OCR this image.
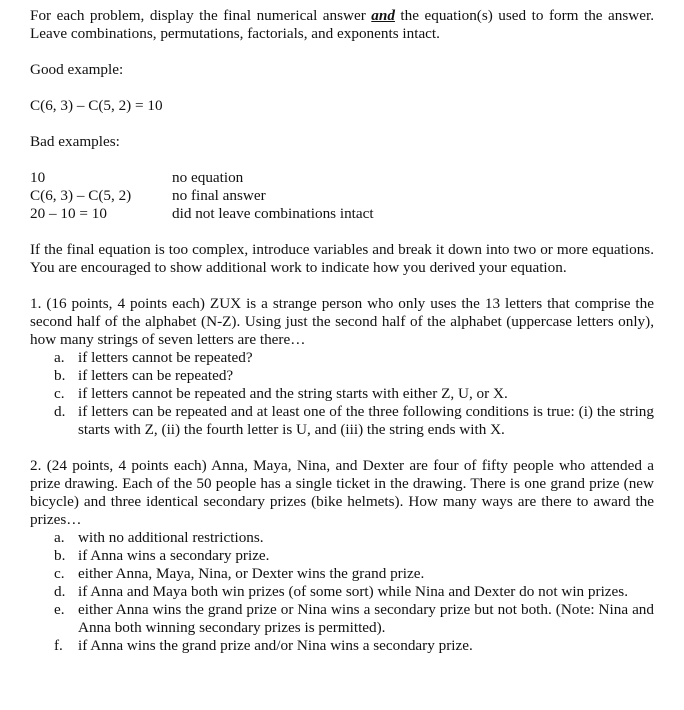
For each problem, display the final numerical answer and the equation(s) used to form the answer. Leave combinations, permutations, factorials, and exponents intact.

Good example:

C(6, 3) – C(5, 2) = 10

Bad examples:

10

C(6, 3) – C(5, 2)

20 – 10 = 10

no equation

no final answer

did not leave combinations intact

If the final equation is too complex, introduce variables and break it down into two or more equations. You are encouraged to show additional work to indicate how you derived your equation.

1. (16 points, 4 points each) ZUX is a strange person who only uses the 13 letters that comprise the second half of the alphabet (N-Z). Using just the second half of the alphabet (uppercase letters only), how many strings of seven letters are there…

a. if letters cannot be repeated?
b. if letters can be repeated?
c. if letters cannot be repeated and the string starts with either Z, U, or X.
d. if letters can be repeated and at least one of the three following conditions is true: (i) the string starts with Z, (ii) the fourth letter is U, and (iii) the string ends with X.

2. (24 points, 4 points each) Anna, Maya, Nina, and Dexter are four of fifty people who attended a prize drawing. Each of the 50 people has a single ticket in the drawing. There is one grand prize (new bicycle) and three identical secondary prizes (bike helmets). How many ways are there to award the prizes…

a. with no additional restrictions.
b. if Anna wins a secondary prize.
c. either Anna, Maya, Nina, or Dexter wins the grand prize.
d. if Anna and Maya both win prizes (of some sort) while Nina and Dexter do not win prizes.
e. either Anna wins the grand prize or Nina wins a secondary prize but not both. (Note: Nina and Anna both winning secondary prizes is permitted).
f. if Anna wins the grand prize and/or Nina wins a secondary prize.
